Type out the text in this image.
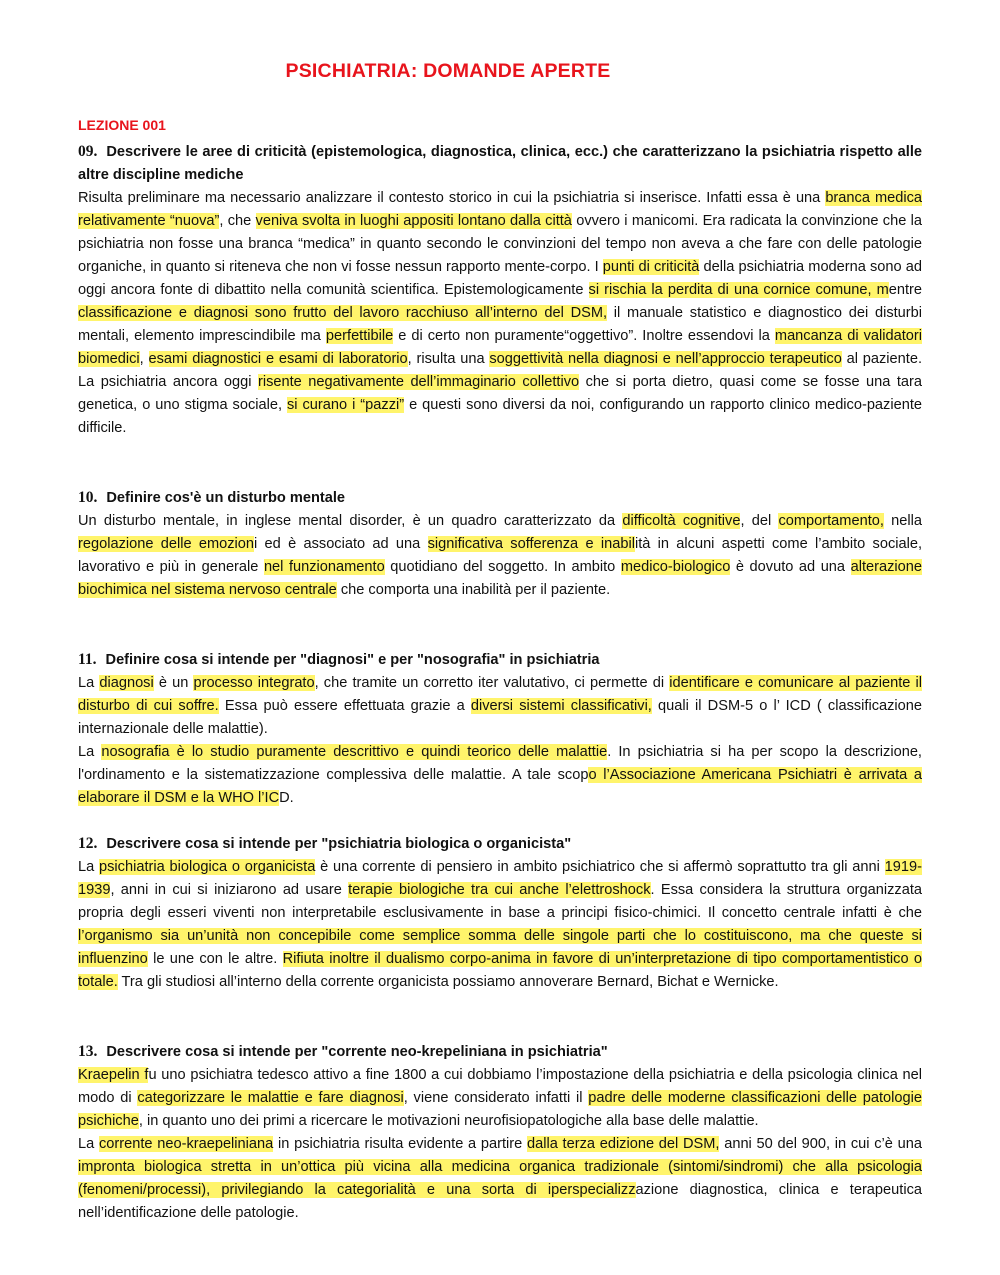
PSICHIATRIA: DOMANDE APERTE
LEZIONE 001
09. Descrivere le aree di criticità (epistemologica, diagnostica, clinica, ecc.) che caratterizzano la psichiatria rispetto alle altre discipline mediche

Risulta preliminare ma necessario analizzare il contesto storico in cui la psichiatria si inserisce. Infatti essa è una branca medica relativamente “nuova”, che veniva svolta in luoghi appositi lontano dalla città ovvero i manicomi. Era radicata la convinzione che la psichiatria non fosse una branca “medica” in quanto secondo le convinzioni del tempo non aveva a che fare con delle patologie organiche, in quanto si riteneva che non vi fosse nessun rapporto mente-corpo. I punti di criticità della psichiatria moderna sono ad oggi ancora fonte di dibattito nella comunità scientifica. Epistemologicamente si rischia la perdita di una cornice comune, mentre classificazione e diagnosi sono frutto del lavoro racchiuso all’interno del DSM, il manuale statistico e diagnostico dei disturbi mentali, elemento imprescindibile ma perfettibile e di certo non puramente“oggettivo”. Inoltre essendovi la mancanza di validatori biomedici, esami diagnostici e esami di laboratorio, risulta una soggettività nella diagnosi e nell’approccio terapeutico al paziente. La psichiatria ancora oggi risente negativamente dell’immaginario collettivo che si porta dietro, quasi come se fosse una tara genetica, o uno stigma sociale, si curano i “pazzi” e questi sono diversi da noi, configurando un rapporto clinico medico-paziente difficile.

10. Definire cos'è un disturbo mentale

Un disturbo mentale, in inglese mental disorder, è un quadro caratterizzato da difficoltà cognitive, del comportamento, nella regolazione delle emozioni ed è associato ad una significativa sofferenza e inabilità in alcuni aspetti come l’ambito sociale, lavorativo e più in generale nel funzionamento quotidiano del soggetto. In ambito medico-biologico è dovuto ad una alterazione biochimica nel sistema nervoso centrale che comporta una inabilità per il paziente.

11. Definire cosa si intende per "diagnosi" e per "nosografia" in psichiatria

La diagnosi è un processo integrato, che tramite un corretto iter valutativo, ci permette di identificare e comunicare al paziente il disturbo di cui soffre. Essa può essere effettuata grazie a diversi sistemi classificativi, quali il DSM-5 o l’ ICD ( classificazione internazionale delle malattie).

La nosografia è lo studio puramente descrittivo e quindi teorico delle malattie. In psichiatria si ha per scopo la descrizione, l'ordinamento e la sistematizzazione complessiva delle malattie. A tale scopo l’Associazione Americana Psichiatri è arrivata a elaborare il DSM e la WHO l’ICD.

12. Descrivere cosa si intende per "psichiatria biologica o organicista"

La psichiatria biologica o organicista è una corrente di pensiero in ambito psichiatrico che si affermò soprattutto tra gli anni 1919-1939, anni in cui si iniziarono ad usare terapie biologiche tra cui anche l’elettroshock. Essa considera la struttura organizzata propria degli esseri viventi non interpretabile esclusivamente in base a principi fisico-chimici. Il concetto centrale infatti è che l’organismo sia un’unità non concepibile come semplice somma delle singole parti che lo costituiscono, ma che queste si influenzino le une con le altre. Rifiuta inoltre il dualismo corpo-anima in favore di un’interpretazione di tipo comportamentistico o totale. Tra gli studiosi all’interno della corrente organicista possiamo annoverare Bernard, Bichat e Wernicke.

13. Descrivere cosa si intende per "corrente neo-krepeliniana in psichiatria"

Kraepelin fu uno psichiatra tedesco attivo a fine 1800 a cui dobbiamo l’impostazione della psichiatria e della psicologia clinica nel modo di categorizzare le malattie e fare diagnosi, viene considerato infatti il padre delle moderne classificazioni delle patologie psichiche, in quanto uno dei primi a ricercare le motivazioni neurofisiopatologiche alla base delle malattie.

La corrente neo-kraepeliniana in psichiatria risulta evidente a partire dalla terza edizione del DSM, anni 50 del 900, in cui c’è una impronta biologica stretta in un’ottica più vicina alla medicina organica tradizionale (sintomi/sindromi) che alla psicologia (fenomeni/processi), privilegiando la categorialità e una sorta di iperspecializzazione diagnostica, clinica e terapeutica nell’identificazione delle patologie.
